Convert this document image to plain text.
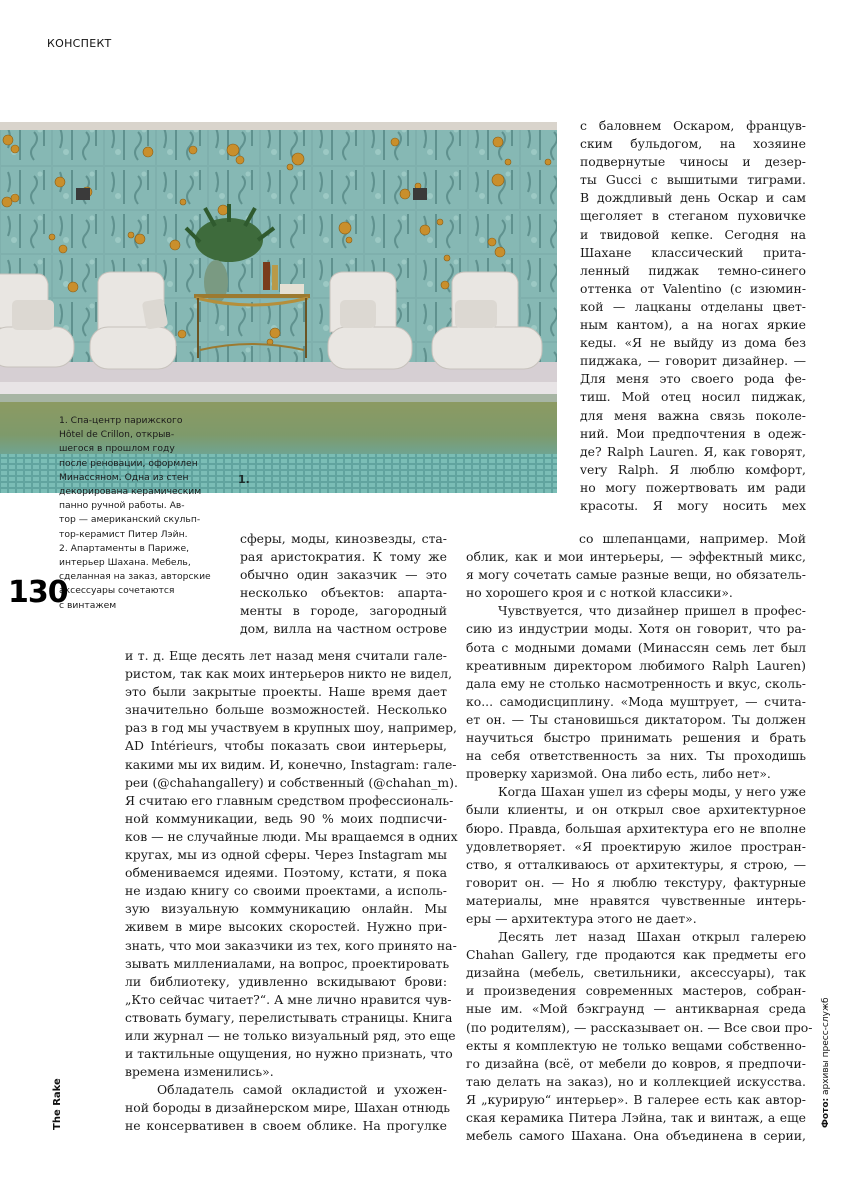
КОНСПЕКТ
1.
1. Спа-центр парижского
Hôtel de Crillon, открыв-
шегося в прошлом году
после реновации, оформлен
Минассяном. Одна из стен
декорирована керамическим
панно ручной работы. Ав-
тор — американский скульп-
тор-керамист Питер Лэйн.
2. Апартаменты в Париже,
интерьер Шахана. Мебель,
сделанная на заказ, авторские
аксессуары сочетаются
с винтажем
130
The Rake	Фото: архивы пресс-служб
с баловнем Оскаром, францув-
ским бульдогом, на хозяине
подвернутые чиносы и дезер-
ты Gucci с вышитыми тиграми.
В дождливый день Оскар и сам
щеголяет в стеганом пуховичке
и твидовой кепке. Сегодня на
Шахане классический прита-
ленный пиджак темно-синего
оттенка от Valentino (с изюмин-
кой — лацканы отделаны цвет-
ным кантом), а на ногах яркие
кеды. «Я не выйду из дома без
пиджака, — говорит дизайнер. —
Для меня это своего рода фе-
тиш. Мой отец носил пиджак,
для меня важна связь поколе-
ний. Мои предпочтения в одеж-
де? Ralph Lauren. Я, как говорят,
very Ralph. Я люблю комфорт,
но могу пожертвовать им ради
красоты. Я могу носить мех
сферы, моды, кинозвезды, ста-
рая аристократия. К тому же
обычно один заказчик — это
несколько объектов: апарта-
менты в городе, загородный
дом, вилла на частном острове
и т. д. Еще десять лет назад меня считали гале-
ристом, так как моих интерьеров никто не видел,
это были закрытые проекты. Наше время дает
значительно больше возможностей. Несколько
раз в год мы участвуем в крупных шоу, например,
AD Intérieurs, чтобы показать свои интерьеры,
какими мы их видим. И, конечно, Instagram: гале-
реи (@chahangallery) и собственный (@chahan_m).
Я считаю его главным средством профессиональ-
ной коммуникации, ведь 90 % моих подписчи-
ков — не случайные люди. Мы вращаемся в одних
кругах, мы из одной сферы. Через Instagram мы
обмениваемся идеями. Поэтому, кстати, я пока
не издаю книгу со своими проектами, а исполь-
зую визуальную коммуникацию онлайн. Мы
живем в мире высоких скоростей. Нужно при-
знать, что мои заказчики из тех, кого принято на-
зывать миллениалами, на вопрос, проектировать
ли библиотеку, удивленно вскидывают брови:
„Кто сейчас читает?“. А мне лично нравится чув-
ствовать бумагу, перелистывать страницы. Книга
или журнал — не только визуальный ряд, это еще
и тактильные ощущения, но нужно признать, что
времена изменились».
Обладатель самой окладистой и ухожен-
ной бороды в дизайнерском мире, Шахан отнюдь
не консервативен в своем облике. На прогулке
со шлепанцами, например. Мой
облик, как и мои интерьеры, — эффектный микс,
я могу сочетать самые разные вещи, но обязатель-
но хорошего кроя и с ноткой классики».
Чувствуется, что дизайнер пришел в профес-
сию из индустрии моды. Хотя он говорит, что ра-
бота с модными домами (Минассян семь лет был
креативным директором любимого Ralph Lauren)
дала ему не столько насмотренность и вкус, сколь-
ко... самодисциплину. «Мода муштрует, — счита-
ет он. — Ты становишься диктатором. Ты должен
научиться быстро принимать решения и брать
на себя ответственность за них. Ты проходишь
проверку харизмой. Она либо есть, либо нет».
Когда Шахан ушел из сферы моды, у него уже
были клиенты, и он открыл свое архитектурное
бюро. Правда, большая архитектура его не вполне
удовлетворяет. «Я проектирую жилое простран-
ство, я отталкиваюсь от архитектуры, я строю, —
говорит он. — Но я люблю текстуру, фактурные
материалы, мне нравятся чувственные интерь-
еры — архитектура этого не дает».
Десять лет назад Шахан открыл галерею
Chahan Gallery, где продаются как предметы его
дизайна (мебель, светильники, аксессуары), так
и произведения современных мастеров, собран-
ные им. «Мой бэкграунд — антикварная среда
(по родителям), — рассказывает он. — Все свои про-
екты я комплектую не только вещами собственно-
го дизайна (всё, от мебели до ковров, я предпочи-
таю делать на заказ), но и коллекцией искусства.
Я „курирую“ интерьер». В галерее есть как автор-
ская керамика Питера Лэйна, так и винтаж, а еще
мебель самого Шахана. Она объединена в серии,
